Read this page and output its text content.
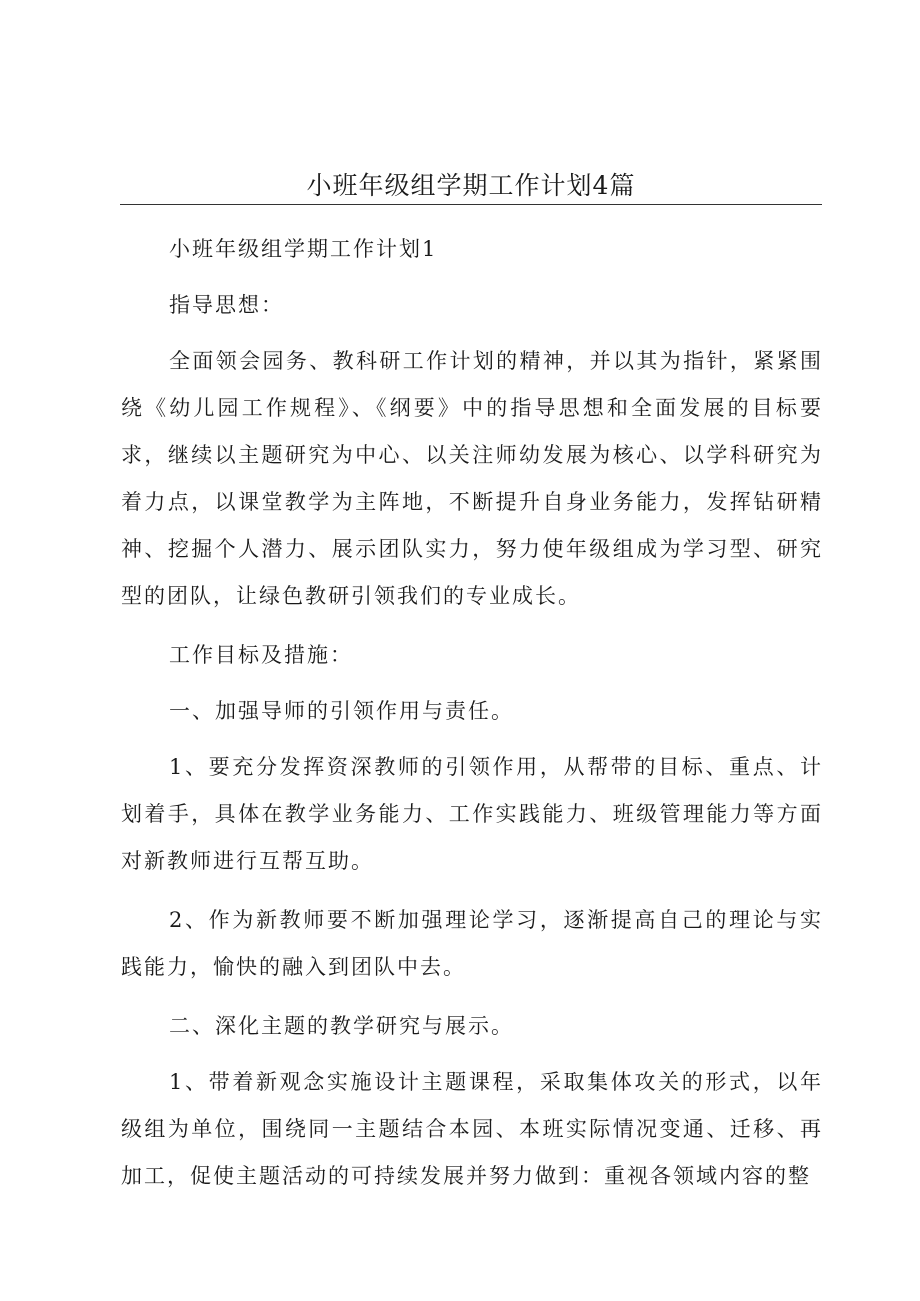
小班年级组学期工作计划4篇

小班年级组学期工作计划1

指导思想：

全面领会园务、教科研工作计划的精神，并以其为指针，紧紧围绕《幼儿园工作规程》、《纲要》中的指导思想和全面发展的目标要求，继续以主题研究为中心、以关注师幼发展为核心、以学科研究为着力点，以课堂教学为主阵地，不断提升自身业务能力，发挥钻研精神、挖掘个人潜力、展示团队实力，努力使年级组成为学习型、研究型的团队，让绿色教研引领我们的专业成长。

工作目标及措施：

一、加强导师的引领作用与责任。

1、要充分发挥资深教师的引领作用，从帮带的目标、重点、计划着手，具体在教学业务能力、工作实践能力、班级管理能力等方面对新教师进行互帮互助。

2、作为新教师要不断加强理论学习，逐渐提高自己的理论与实践能力，愉快的融入到团队中去。

二、深化主题的教学研究与展示。

1、带着新观念实施设计主题课程，采取集体攻关的形式，以年级组为单位，围绕同一主题结合本园、本班实际情况变通、迁移、再加工，促使主题活动的可持续发展并努力做到：重视各领域内容的整
